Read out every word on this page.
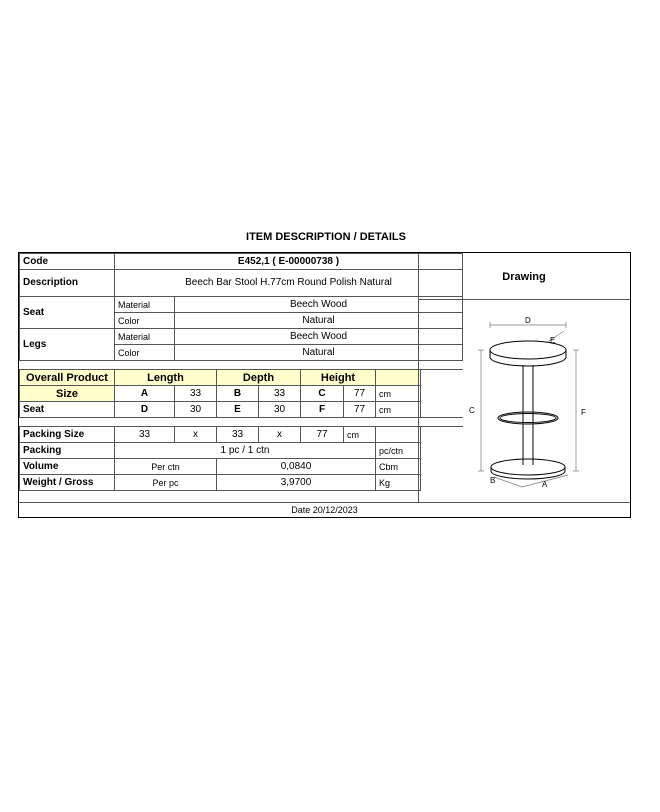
ITEM DESCRIPTION / DETAILS
Code	E452,1 ( E-00000738 )							
Description	Beech Bar Stool H.77cm Round Polish Natural							
Seat	Material	Beech Wood						
	Color	Natural						
Legs	Material	Beech Wood						
	Color	Natural						

Overall Product	Length		Depth		Height			
Size	A	33	B	33	C	77	cm	
Seat	D	30	E	30	F	77	cm	

Packing Size	33	x	33	x	77	cm		
Packing	1 pc / 1 ctn						pc/ctn	
Volume	Per ctn		0,0840				Cbm	
Weight / Gross	Per pc		3,9700				Kg	
Drawing
D
E
C	F
B	A
Date 20/12/2023
